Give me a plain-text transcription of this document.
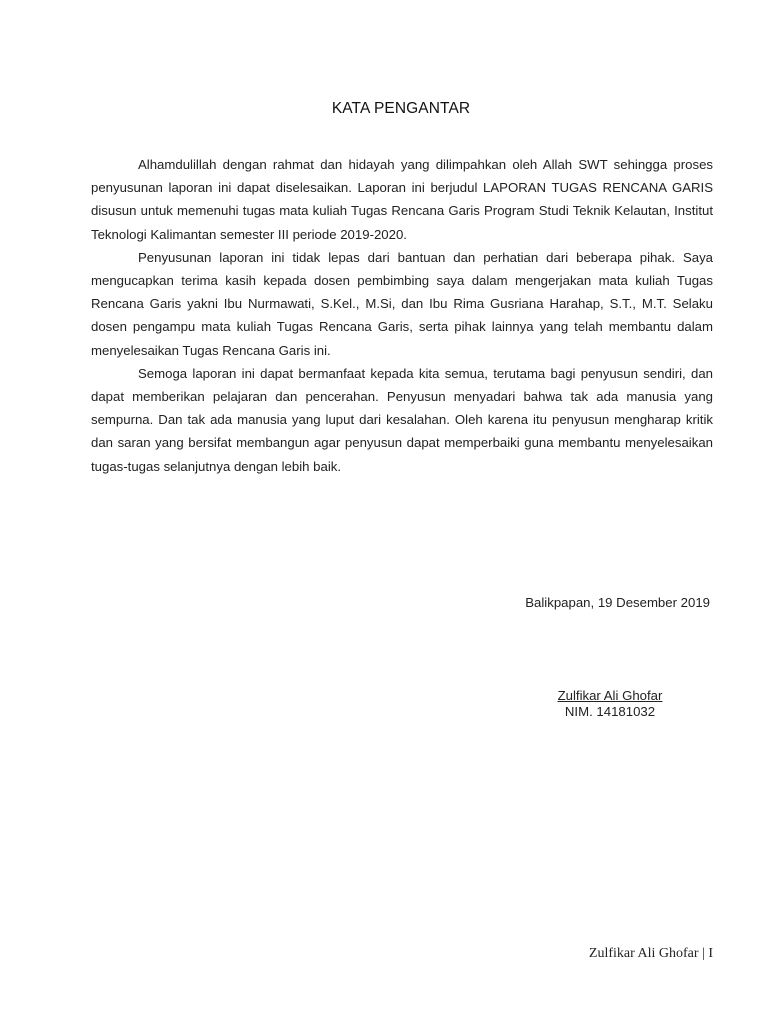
KATA PENGANTAR

Alhamdulillah dengan rahmat dan hidayah yang dilimpahkan oleh Allah SWT sehingga proses penyusunan laporan ini dapat diselesaikan. Laporan ini berjudul LAPORAN TUGAS RENCANA GARIS disusun untuk memenuhi tugas mata kuliah Tugas Rencana Garis Program Studi Teknik Kelautan, Institut Teknologi Kalimantan semester III periode 2019-2020.

Penyusunan laporan ini tidak lepas dari bantuan dan perhatian dari beberapa pihak. Saya mengucapkan terima kasih kepada dosen pembimbing saya dalam mengerjakan mata kuliah Tugas Rencana Garis yakni Ibu Nurmawati, S.Kel., M.Si, dan Ibu Rima Gusriana Harahap, S.T., M.T. Selaku dosen pengampu mata kuliah Tugas Rencana Garis, serta pihak lainnya yang telah membantu dalam menyelesaikan Tugas Rencana Garis ini.

Semoga laporan ini dapat bermanfaat kepada kita semua, terutama bagi penyusun sendiri, dan dapat memberikan pelajaran dan pencerahan. Penyusun menyadari bahwa tak ada manusia yang sempurna. Dan tak ada manusia yang luput dari kesalahan. Oleh karena itu penyusun mengharap kritik dan saran yang bersifat membangun agar penyusun dapat memperbaiki guna membantu menyelesaikan tugas-tugas selanjutnya dengan lebih baik.

Balikpapan, 19 Desember 2019
Zulfikar Ali Ghofar
NIM. 14181032
Zulfikar Ali Ghofar | I
